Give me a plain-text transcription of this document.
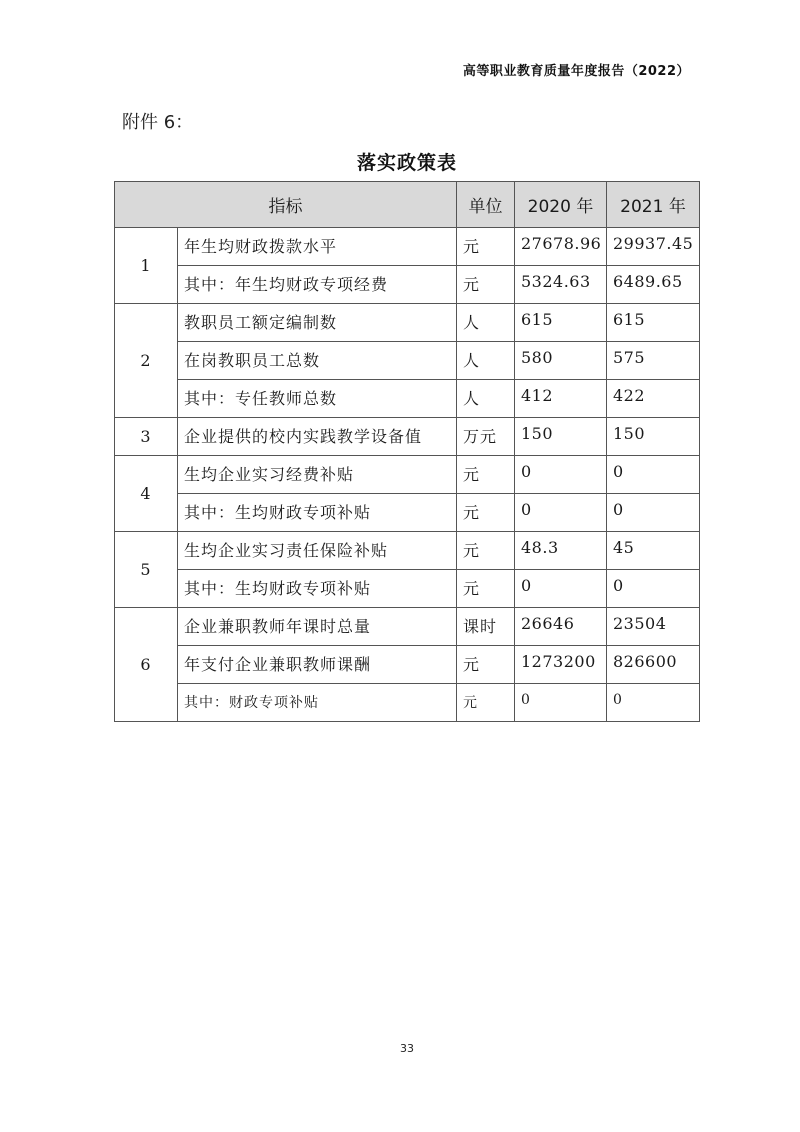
高等职业教育质量年度报告（2022）
附件 6：
落实政策表
指标		单位	2020 年	2021 年
1	年生均财政拨款水平	元	27678.96	29937.45
	其中：年生均财政专项经费	元	5324.63	6489.65
2	教职员工额定编制数	人	615	615
	在岗教职员工总数	人	580	575
	其中：专任教师总数	人	412	422
3	企业提供的校内实践教学设备值	万元	150	150
4	生均企业实习经费补贴	元	0	0
	其中：生均财政专项补贴	元	0	0
5	生均企业实习责任保险补贴	元	48.3	45
	其中：生均财政专项补贴	元	0	0
6	企业兼职教师年课时总量	课时	26646	23504
	年支付企业兼职教师课酬	元	1273200	826600
	其中：财政专项补贴	元	0	0
33
